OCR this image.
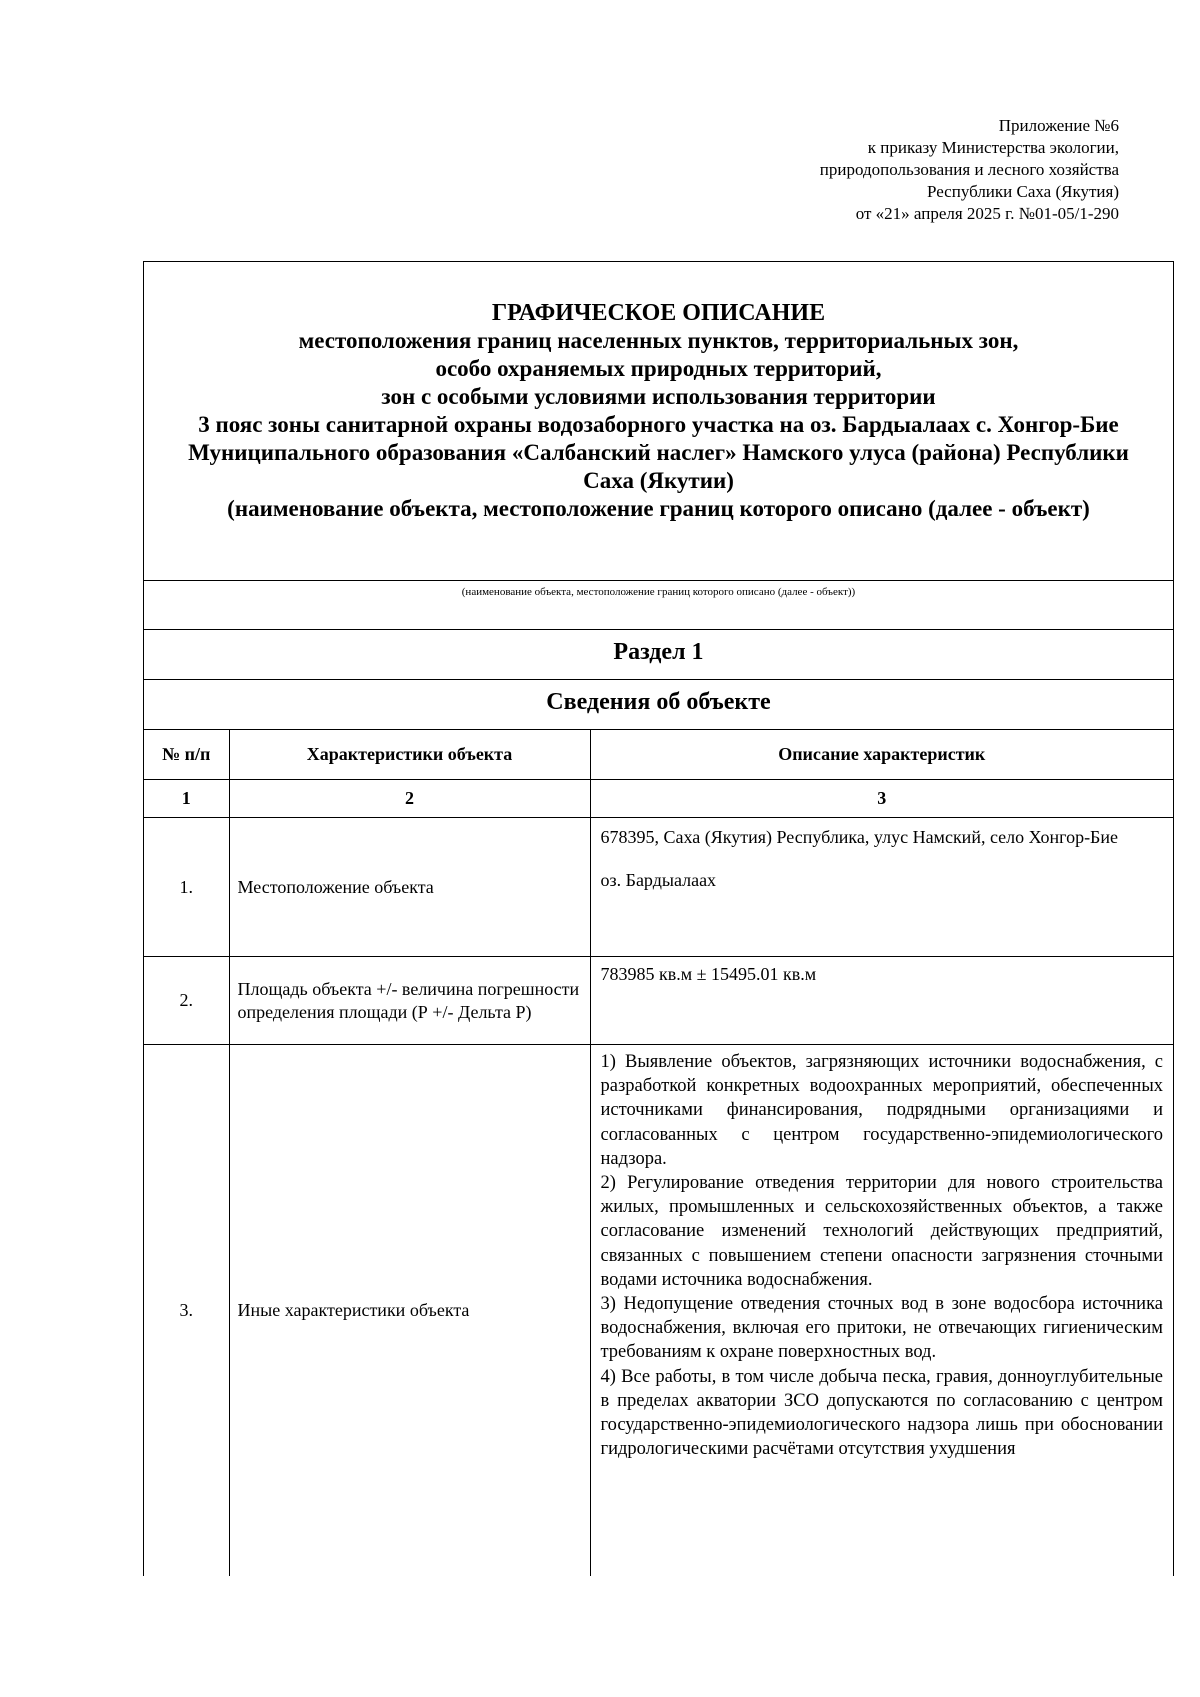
Приложение №6
к приказу Министерства экологии,
природопользования и лесного хозяйства
Республики Саха (Якутия)
от «21» апреля 2025 г. №01-05/1-290
ГРАФИЧЕСКОЕ ОПИСАНИЕ
местоположения границ населенных пунктов, территориальных зон,
особо охраняемых природных территорий,
зон с особыми условиями использования территории
3 пояс зоны санитарной охраны водозаборного участка на оз. Бардыалаах с. Хонгор-Бие Муниципального образования «Салбанский наслег» Намского улуса (района) Республики Саха (Якутии)
(наименование объекта, местоположение границ которого описано (далее - объект)
(наименование объекта, местоположение границ которого описано (далее - объект))
Раздел 1
Сведения об объекте
№ п/п	Характеристики объекта	Описание характеристик
1	2	3
1.	Местоположение объекта	678395, Саха (Якутия) Республика, улус Намский, село Хонгор-Бие
оз. Бардыалаах

2.	Площадь объекта +/- величина погрешности определения площади (Р +/- Дельта Р)	783985 кв.м ± 15495.01 кв.м
3.	Иные характеристики объекта	1) Выявление объектов, загрязняющих источники водоснабжения, с разработкой конкретных водоохранных мероприятий, обеспеченных источниками финансирования, подрядными организациями и согласованных с центром государственно-эпидемиологического надзора.

2) Регулирование отведения территории для нового строительства жилых, промышленных и сельскохозяйственных объектов, а также согласование изменений технологий действующих предприятий, связанных с повышением степени опасности загрязнения сточными водами источника водоснабжения.

3) Недопущение отведения сточных вод в зоне водосбора источника водоснабжения, включая его притоки, не отвечающих гигиеническим требованиям к охране поверхностных вод.

4) Все работы, в том числе добыча песка, гравия, донноуглубительные в пределах акватории ЗСО допускаются по согласованию с центром государственно-эпидемиологического надзора лишь при обосновании гидрологическими расчётами отсутствия ухудшения
